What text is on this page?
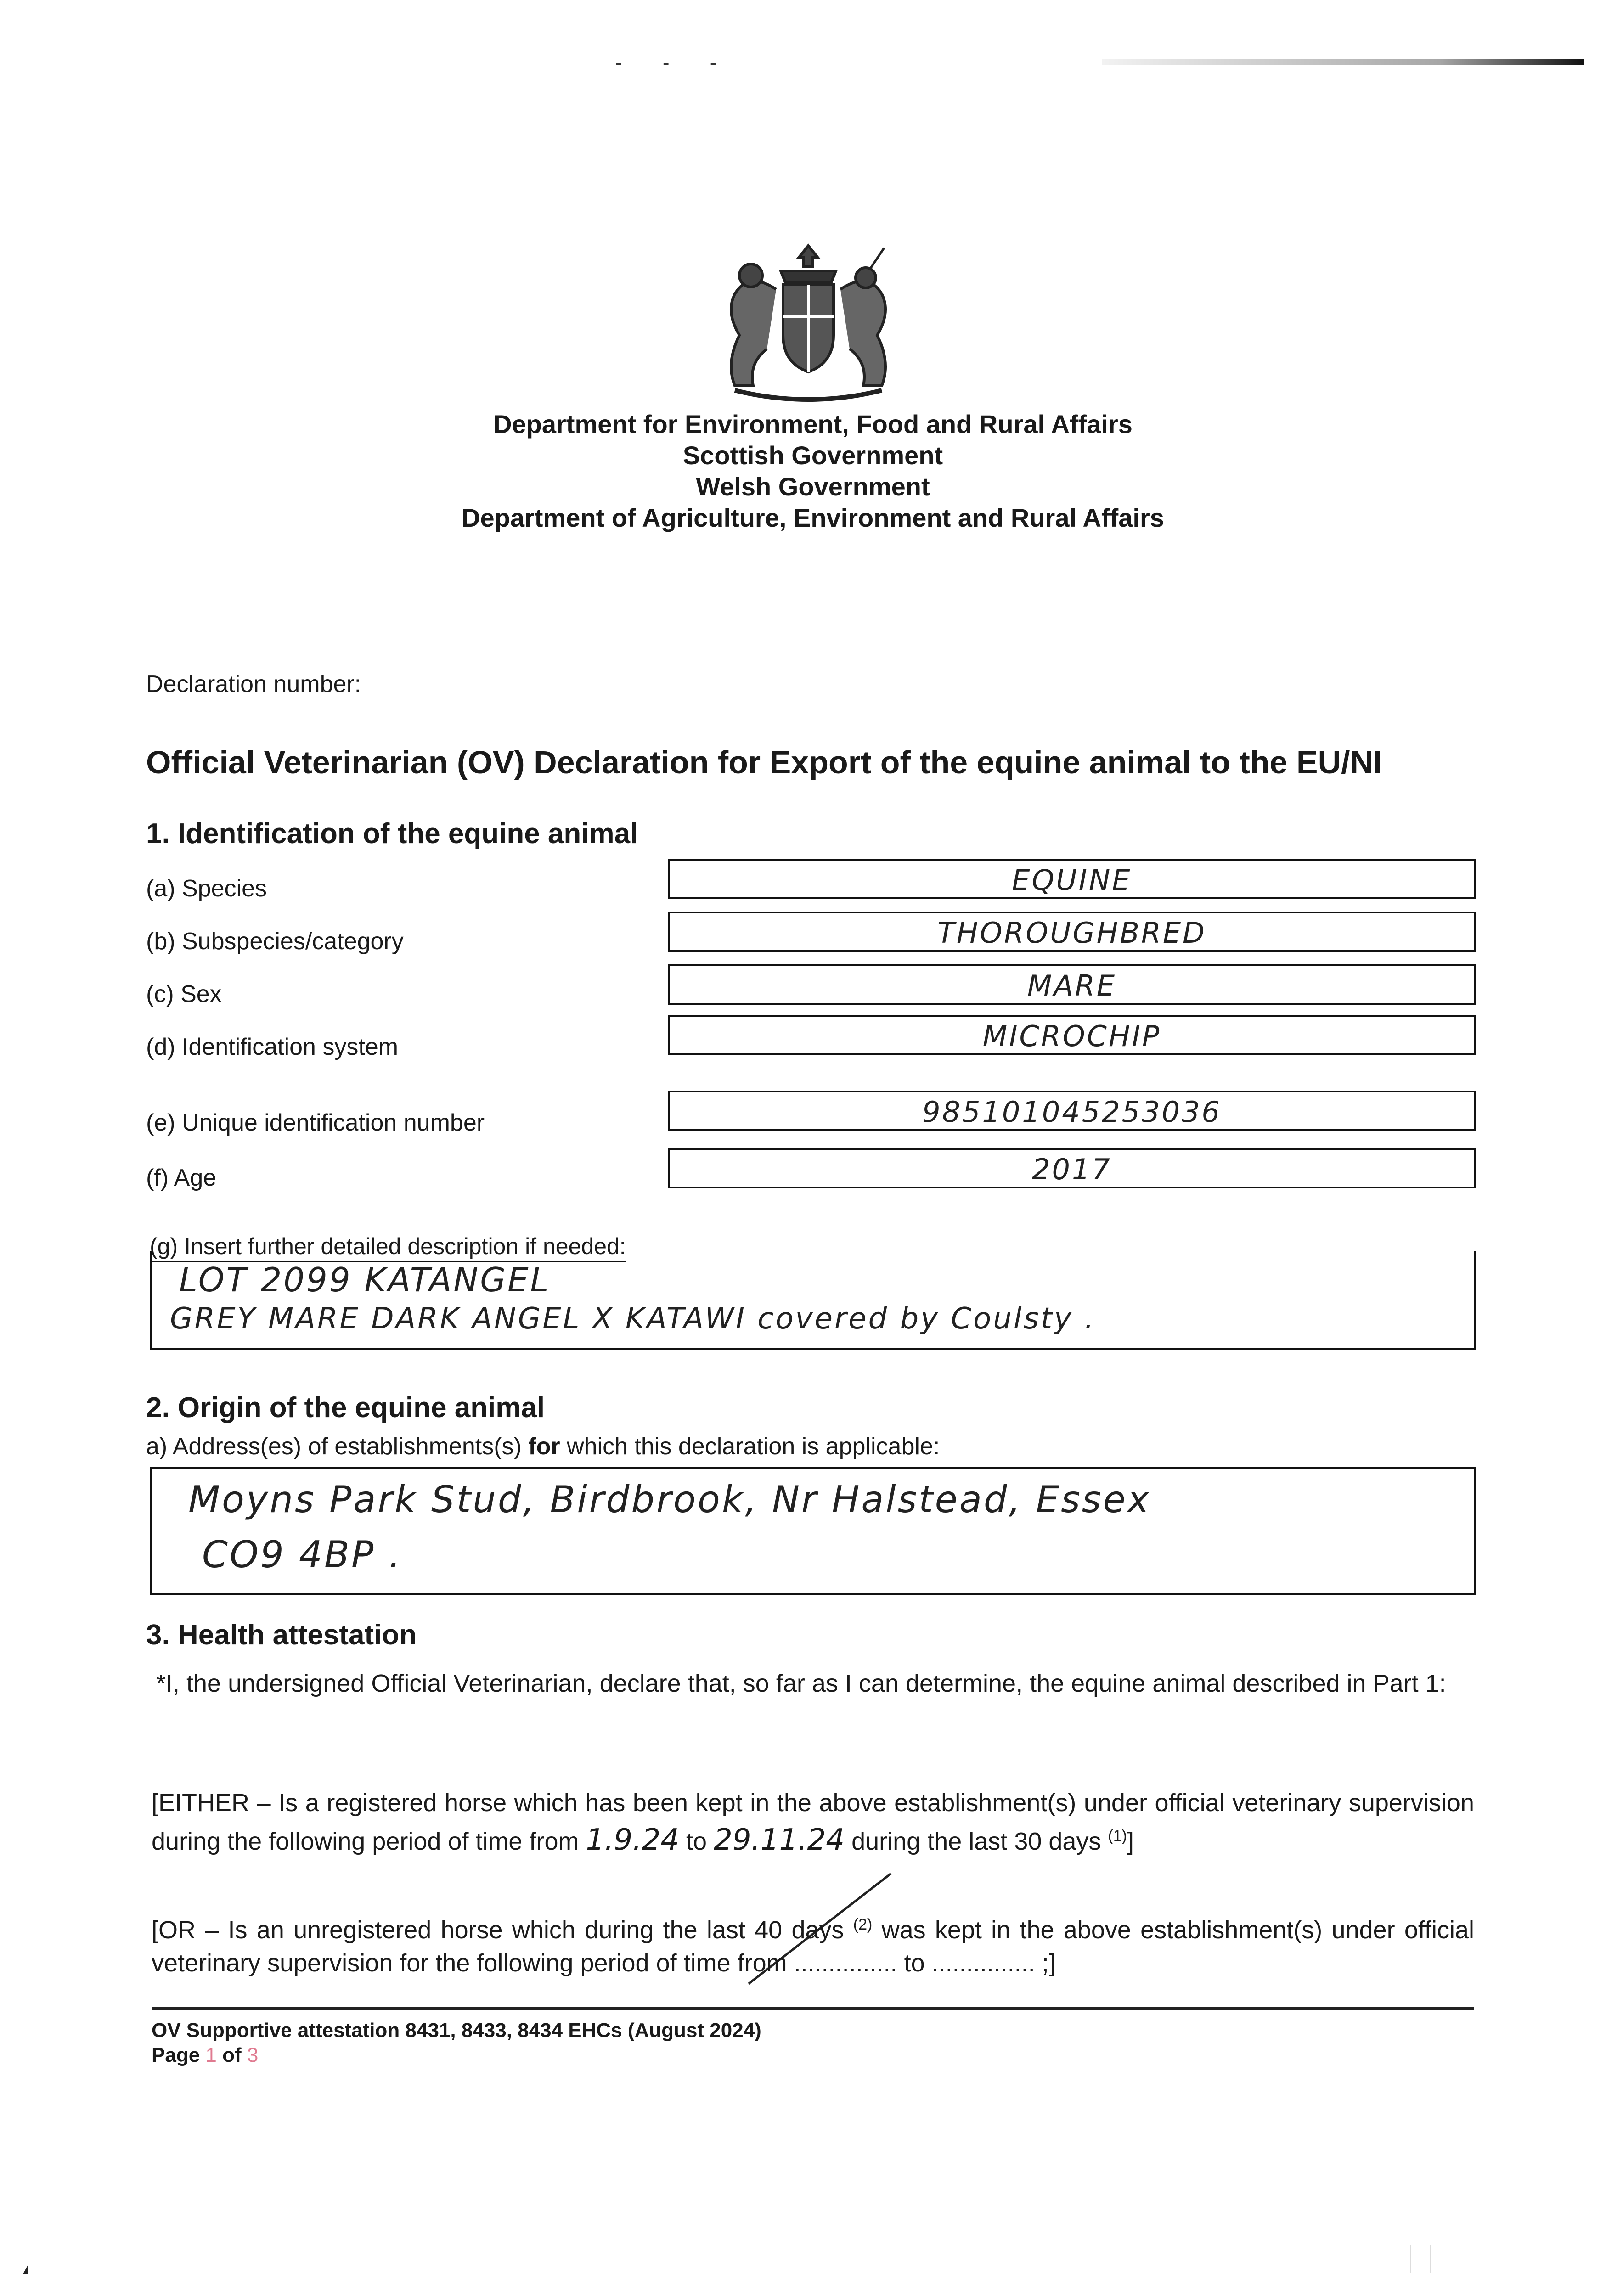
- - -
Department for Environment, Food and Rural Affairs
Scottish Government
Welsh Government
Department of Agriculture, Environment and Rural Affairs
Declaration number:
Official Veterinarian (OV) Declaration for Export of the equine animal to the EU/NI
1. Identification of the equine animal
(a) Species	EQUINE
(b) Subspecies/category	THOROUGHBRED
(c) Sex	MARE
(d) Identification system	MICROCHIP
(e) Unique identification number	985101045253036
(f) Age	2017
(g) Insert further detailed description if needed:
LOT 2099 KATANGEL
GREY MARE DARK ANGEL X KATAWI covered by Coulsty .
2. Origin of the equine animal
a) Address(es) of establishments(s) for which this declaration is applicable:
Moyns Park Stud, Birdbrook, Nr Halstead, Essex
CO9 4BP .
3. Health attestation
*I, the undersigned Official Veterinarian, declare that, so far as I can determine, the equine animal described in Part 1:
[EITHER – Is a registered horse which has been kept in the above establishment(s) under official veterinary supervision during the following period of time from 1.9.24 to 29.11.24 during the last 30 days $^{(1)}$]
[OR – Is an unregistered horse which during the last 40 days $^{(2)}$ was kept in the above establishment(s) under official veterinary supervision for the following period of time from ............... to ............... ;]
OV Supportive attestation 8431, 8433, 8434 EHCs (August 2024)
Page 1 of 3
